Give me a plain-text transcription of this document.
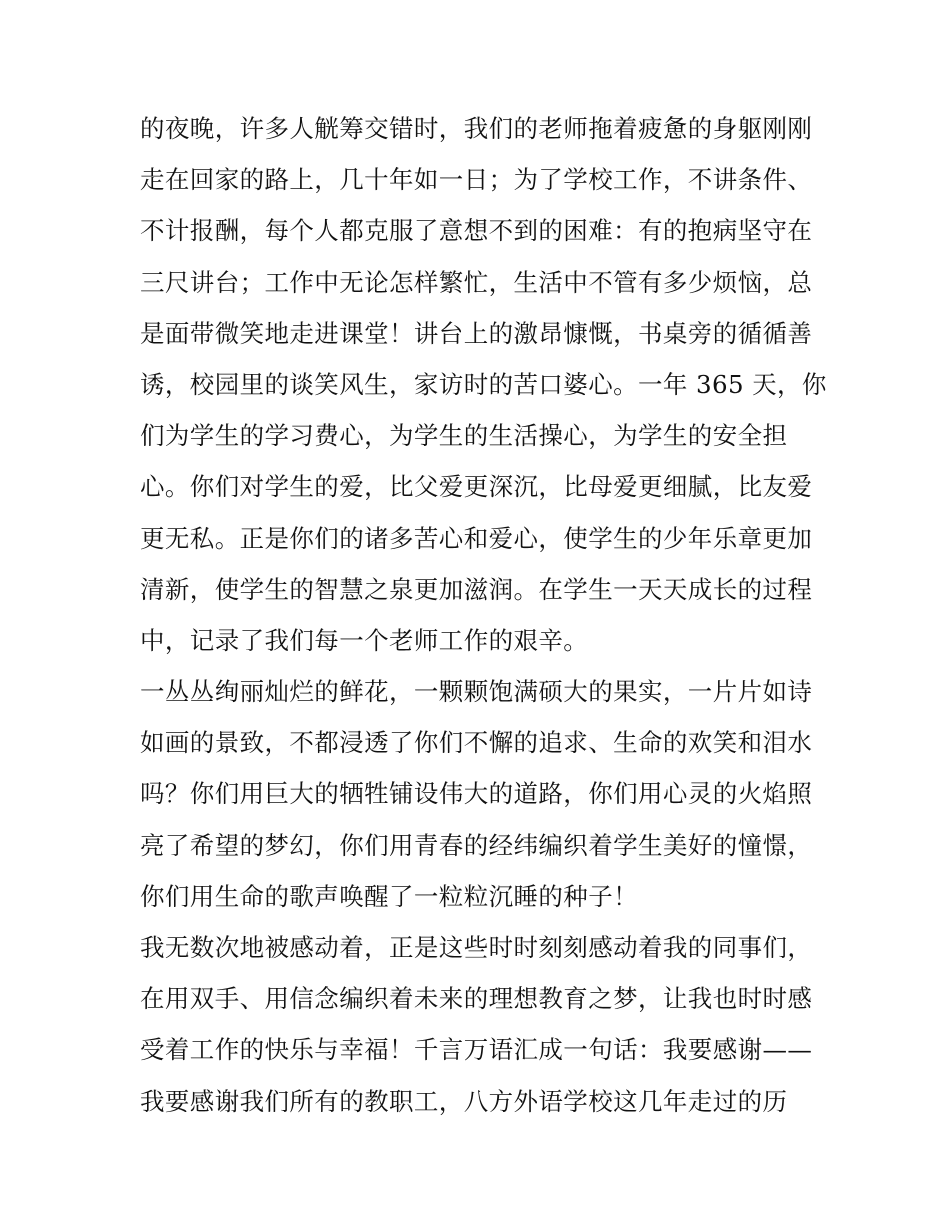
的夜晚，许多人觥筹交错时，我们的老师拖着疲惫的身躯刚刚
走在回家的路上，几十年如一日；为了学校工作，不讲条件、
不计报酬，每个人都克服了意想不到的困难：有的抱病坚守在
三尺讲台；工作中无论怎样繁忙，生活中不管有多少烦恼，总
是面带微笑地走进课堂！讲台上的激昂慷慨，书桌旁的循循善
诱，校园里的谈笑风生，家访时的苦口婆心。一年 365 天，你
们为学生的学习费心，为学生的生活操心，为学生的安全担
心。你们对学生的爱，比父爱更深沉，比母爱更细腻，比友爱
更无私。正是你们的诸多苦心和爱心，使学生的少年乐章更加
清新，使学生的智慧之泉更加滋润。在学生一天天成长的过程
中，记录了我们每一个老师工作的艰辛。
一丛丛绚丽灿烂的鲜花，一颗颗饱满硕大的果实，一片片如诗
如画的景致，不都浸透了你们不懈的追求、生命的欢笑和泪水
吗？你们用巨大的牺牲铺设伟大的道路，你们用心灵的火焰照
亮了希望的梦幻，你们用青春的经纬编织着学生美好的憧憬，
你们用生命的歌声唤醒了一粒粒沉睡的种子！
我无数次地被感动着，正是这些时时刻刻感动着我的同事们，
在用双手、用信念编织着未来的理想教育之梦，让我也时时感
受着工作的快乐与幸福！千言万语汇成一句话：我要感谢——
我要感谢我们所有的教职工，八方外语学校这几年走过的历
